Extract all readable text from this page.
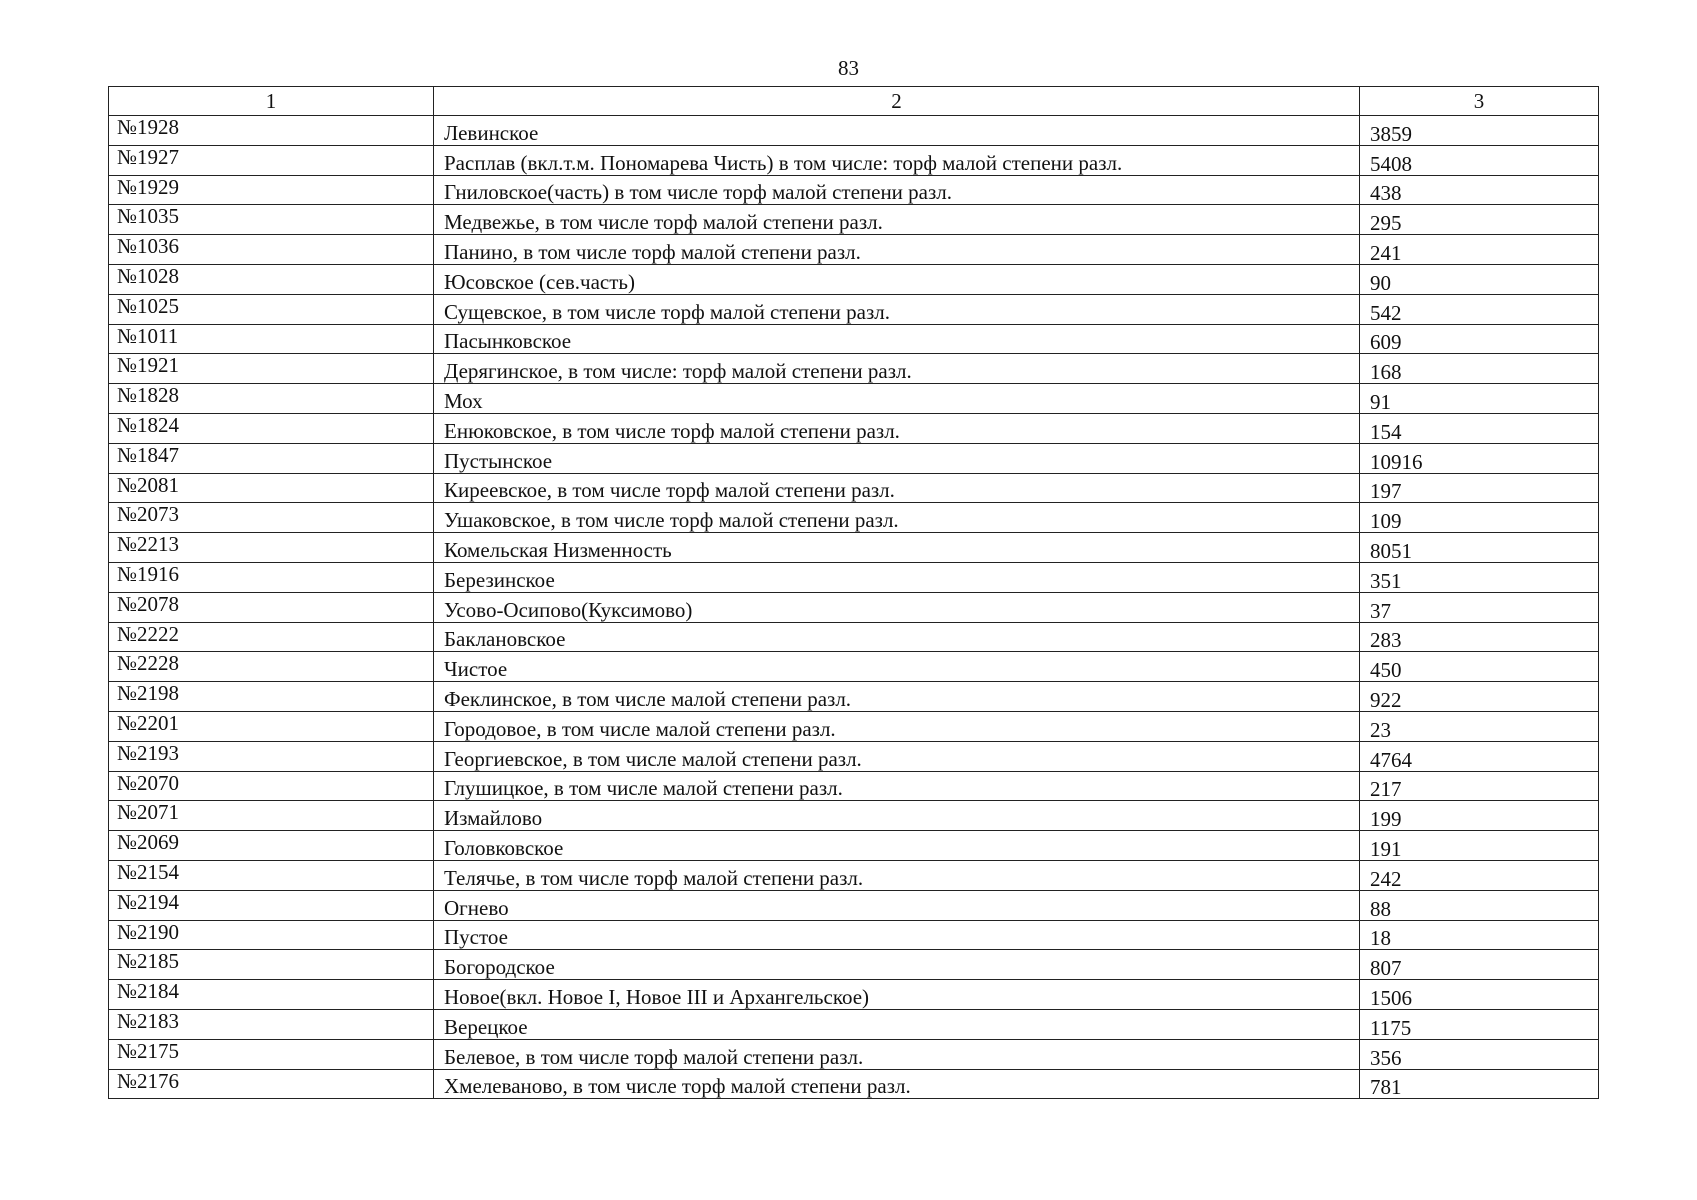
83
1	2	3
№1928	Левинское	3859
№1927	Расплав (вкл.т.м. Пономарева Чисть) в том числе: торф малой степени разл.	5408
№1929	Гниловское(часть) в том числе торф малой степени разл.	438
№1035	Медвежье, в том числе торф малой степени разл.	295
№1036	Панино, в том числе торф малой степени разл.	241
№1028	Юсовское (сев.часть)	90
№1025	Сущевское, в том числе торф малой степени разл.	542
№1011	Пасынковское	609
№1921	Дерягинское, в том числе: торф малой степени разл.	168
№1828	Мох	91
№1824	Енюковское, в том числе торф малой степени разл.	154
№1847	Пустынское	10916
№2081	Киреевское, в том числе торф малой степени разл.	197
№2073	Ушаковское, в том числе торф малой степени разл.	109
№2213	Комельская Низменность	8051
№1916	Березинское	351
№2078	Усово-Осипово(Куксимово)	37
№2222	Баклановское	283
№2228	Чистое	450
№2198	Феклинское, в том числе малой степени разл.	922
№2201	Городовое, в том числе малой степени разл.	23
№2193	Георгиевское, в том числе малой степени разл.	4764
№2070	Глушицкое, в том числе малой степени разл.	217
№2071	Измайлово	199
№2069	Головковское	191
№2154	Телячье, в том числе торф малой степени разл.	242
№2194	Огнево	88
№2190	Пустое	18
№2185	Богородское	807
№2184	Новое(вкл. Новое I, Новое III и Архангельское)	1506
№2183	Верецкое	1175
№2175	Белевое, в том числе торф малой степени разл.	356
№2176	Хмелеваново, в том числе торф малой степени разл.	781
